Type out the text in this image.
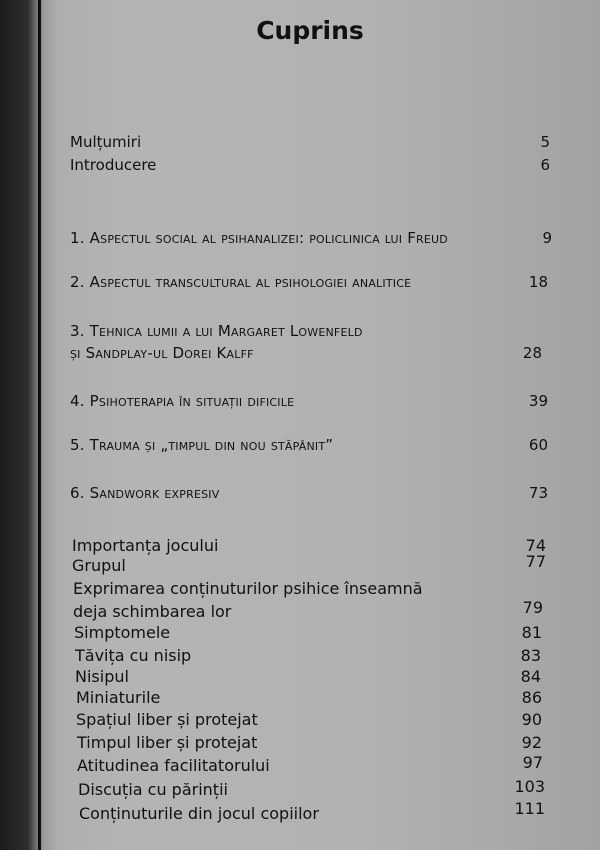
Cuprins
Mulțumiri	5
Introducere	6
1. Aspectul social al psihanalizei: policlinica lui Freud	9
2. Aspectul transcultural al psihologiei analitice	18
3. Tehnica lumii a lui Margaret Lowenfeld
și Sandplay-ul Dorei Kalff	28
4. Psihoterapia în situații dificile	39
5. Trauma și „timpul din nou stăpânit”	60
6. Sandwork expresiv	73
Importanța jocului	74
Grupul	77
Exprimarea conținuturilor psihice înseamnă
deja schimbarea lor	79
Simptomele	81
Tăvița cu nisip	83
Nisipul	84
Miniaturile	86
Spațiul liber și protejat	90
Timpul liber și protejat	92
Atitudinea facilitatorului	97
Discuția cu părinții	103
Conținuturile din jocul copiilor	111
